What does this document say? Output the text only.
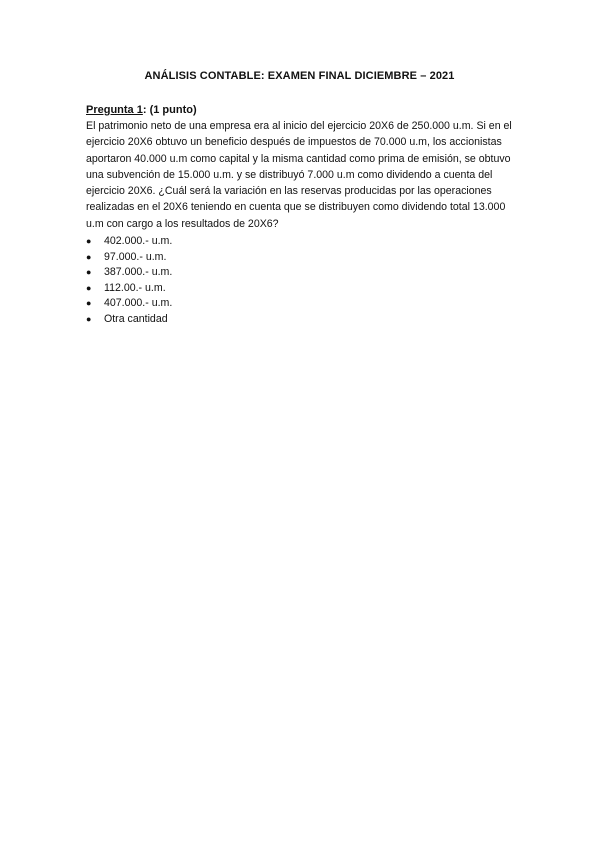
ANÁLISIS CONTABLE: EXAMEN FINAL DICIEMBRE – 2021

Pregunta 1: (1 punto)

El patrimonio neto de una empresa era al inicio del ejercicio 20X6 de 250.000 u.m. Si en el ejercicio 20X6 obtuvo un beneficio después de impuestos de 70.000 u.m, los accionistas aportaron 40.000 u.m como capital y la misma cantidad como prima de emisión, se obtuvo una subvención de 15.000 u.m. y se distribuyó 7.000 u.m como dividendo a cuenta del ejercicio 20X6. ¿Cuál será la variación en las reservas producidas por las operaciones realizadas en el 20X6 teniendo en cuenta que se distribuyen como dividendo total 13.000 u.m con cargo a los resultados de 20X6?

●	402.000.- u.m.
●	97.000.- u.m.
●	387.000.- u.m.
●	112.00.- u.m.
●	407.000.- u.m.
●	Otra cantidad
